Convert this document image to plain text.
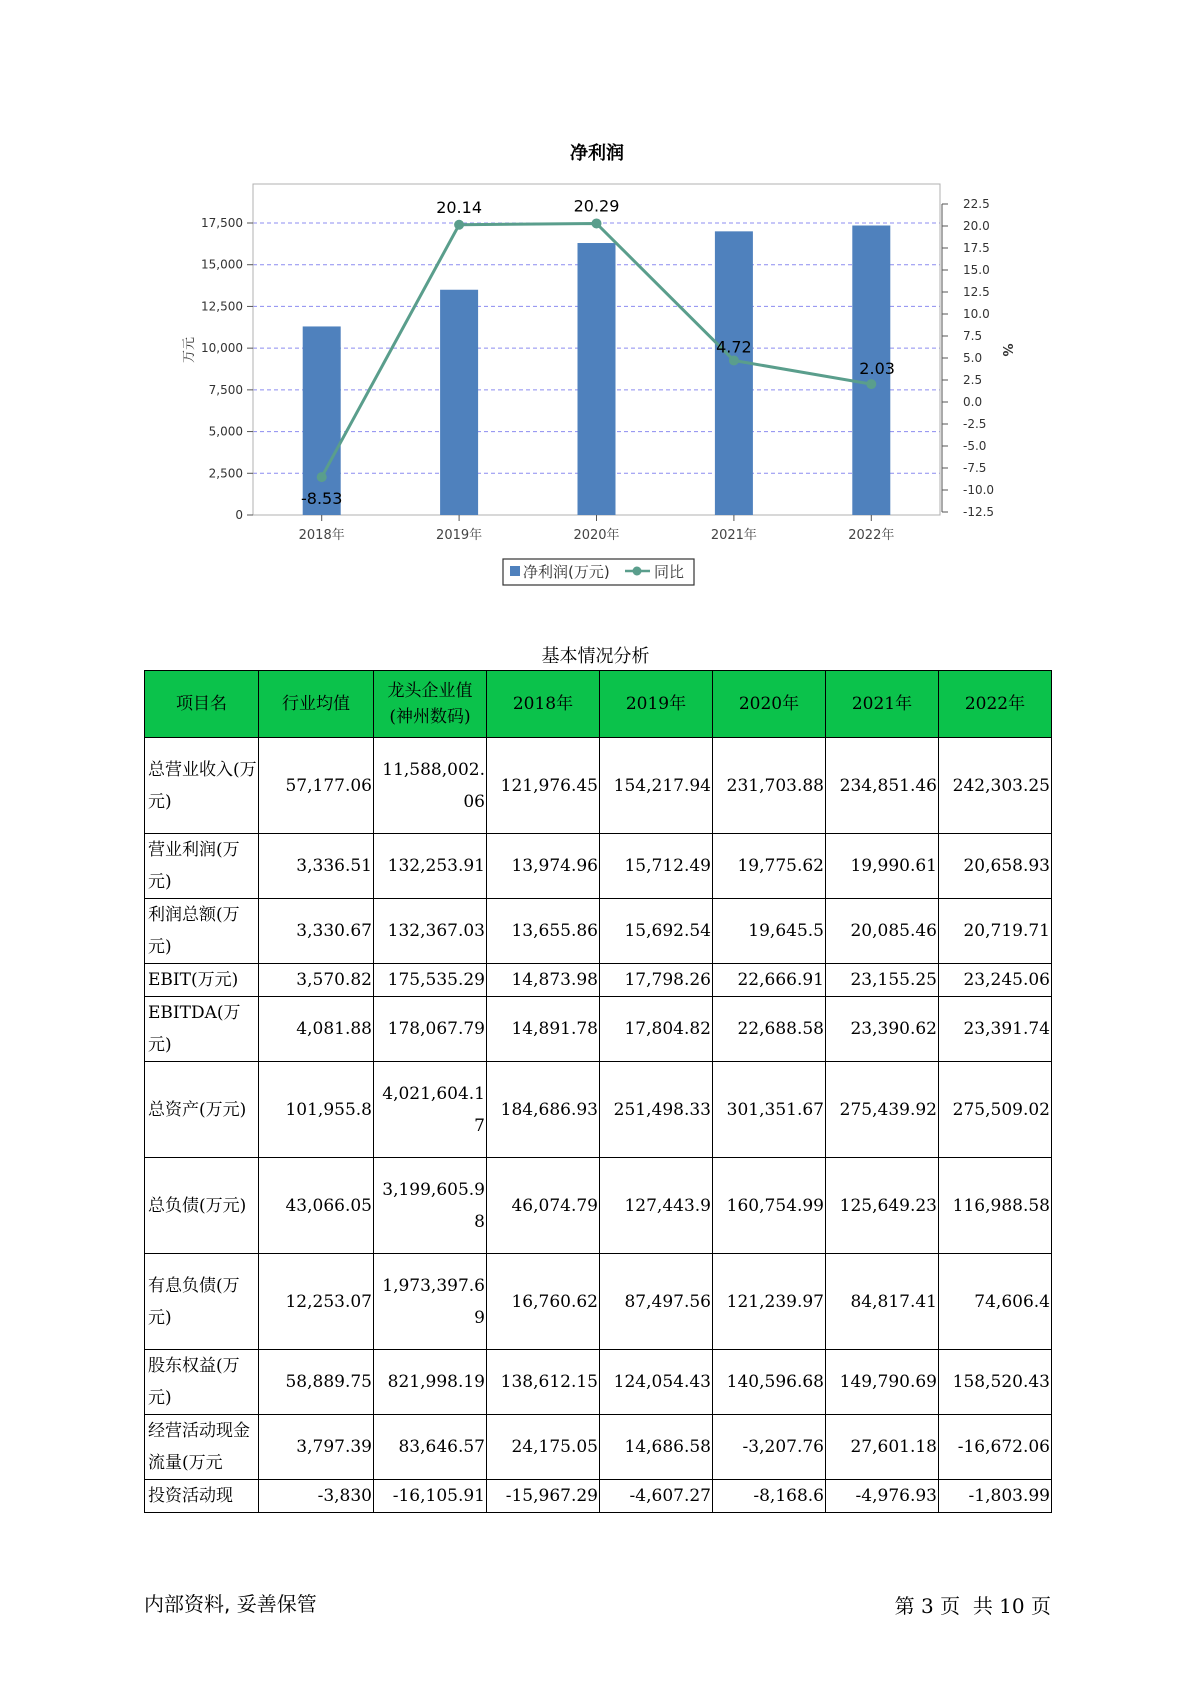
净利润
0
2,500
5,000
7,500
10,000
12,500
15,000
17,500
-12.5
-10.0
-7.5
-5.0
-2.5
0.0
2.5
5.0
7.5
10.0
12.5
15.0
17.5
20.0
22.5
2018年	2019年	2020年	2021年	2022年
-8.53
20.14	20.29
4.72
2.03
万元	%
净利润(万元)	同比
基本情况分析
项目名	行业均值	龙头企业值(神州数码)	2018年	2019年	2020年	2021年	2022年
总营业收入(万元)	57,177.06	11,588,002.06	121,976.45	154,217.94	231,703.88	234,851.46	242,303.25
营业利润(万元)	3,336.51	132,253.91	13,974.96	15,712.49	19,775.62	19,990.61	20,658.93
利润总额(万元)	3,330.67	132,367.03	13,655.86	15,692.54	19,645.5	20,085.46	20,719.71
EBIT(万元)	3,570.82	175,535.29	14,873.98	17,798.26	22,666.91	23,155.25	23,245.06
EBITDA(万元)	4,081.88	178,067.79	14,891.78	17,804.82	22,688.58	23,390.62	23,391.74
总资产(万元)	101,955.8	4,021,604.17	184,686.93	251,498.33	301,351.67	275,439.92	275,509.02
总负债(万元)	43,066.05	3,199,605.98	46,074.79	127,443.9	160,754.99	125,649.23	116,988.58
有息负债(万元)	12,253.07	1,973,397.69	16,760.62	87,497.56	121,239.97	84,817.41	74,606.4
股东权益(万元)	58,889.75	821,998.19	138,612.15	124,054.43	140,596.68	149,790.69	158,520.43
经营活动现金流量(万元	3,797.39	83,646.57	24,175.05	14,686.58	-3,207.76	27,601.18	-16,672.06
投资活动现	-3,830	-16,105.91	-15,967.29	-4,607.27	-8,168.6	-4,976.93	-1,803.99
内部资料, 妥善保管	第 3 页  共 10 页
